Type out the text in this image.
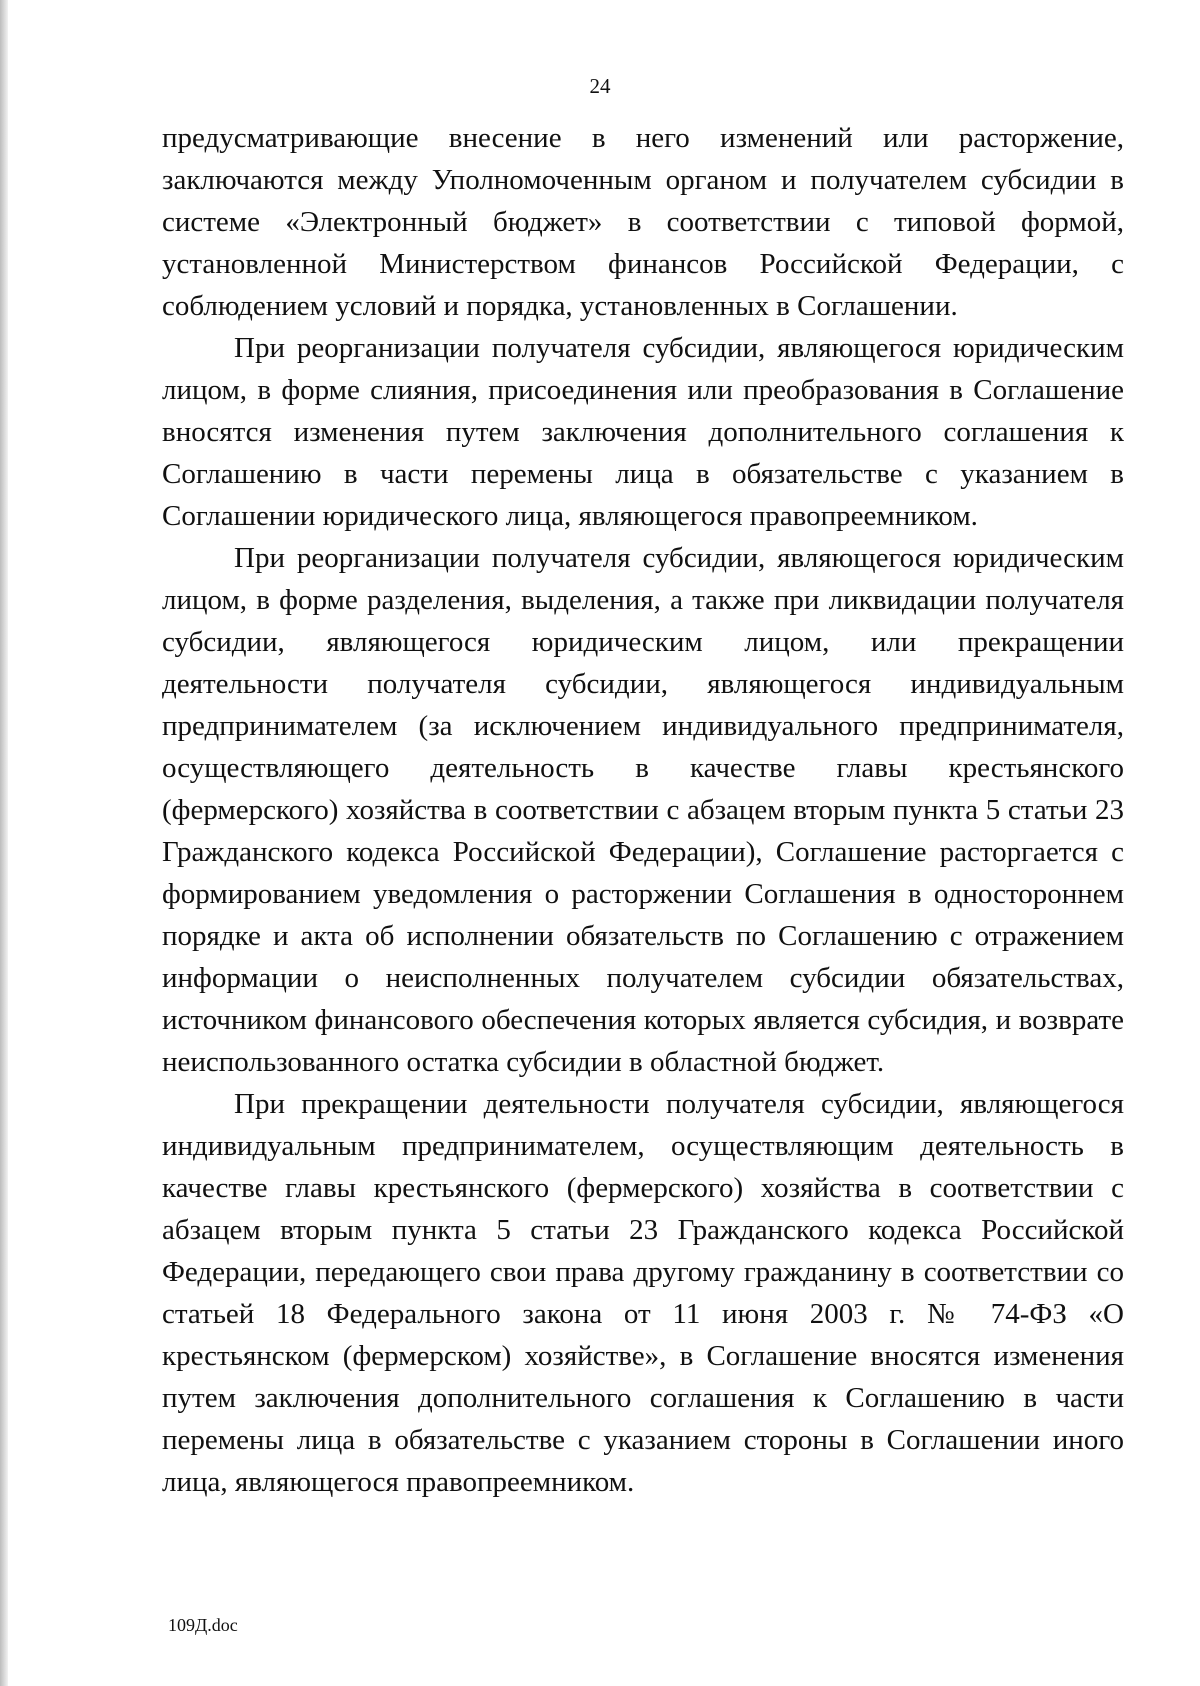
24

предусматривающие внесение в него изменений или расторжение, заключаются между Уполномоченным органом и получателем субсидии в системе «Электронный бюджет» в соответствии с типовой формой, установленной Министерством финансов Российской Федерации, с соблюдением условий и порядка, установленных в Соглашении.

При реорганизации получателя субсидии, являющегося юридическим лицом, в форме слияния, присоединения или преобразования в Соглашение вносятся изменения путем заключения дополнительного соглашения к Соглашению в части перемены лица в обязательстве с указанием в Соглашении юридического лица, являющегося правопреемником.

При реорганизации получателя субсидии, являющегося юридическим лицом, в форме разделения, выделения, а также при ликвидации получателя субсидии, являющегося юридическим лицом, или прекращении деятельности получателя субсидии, являющегося индивидуальным предпринимателем (за исключением индивидуального предпринимателя, осуществляющего деятельность в качестве главы крестьянского (фермерского) хозяйства в соответствии с абзацем вторым пункта 5 статьи 23 Гражданского кодекса Российской Федерации), Соглашение расторгается с формированием уведомления о расторжении Соглашения в одностороннем порядке и акта об исполнении обязательств по Соглашению с отражением информации о неисполненных получателем субсидии обязательствах, источником финансового обеспечения которых является субсидия, и возврате неиспользованного остатка субсидии в областной бюджет.

При прекращении деятельности получателя субсидии, являющегося индивидуальным предпринимателем, осуществляющим деятельность в качестве главы крестьянского (фермерского) хозяйства в соответствии с абзацем вторым пункта 5 статьи 23 Гражданского кодекса Российской Федерации, передающего свои права другому гражданину в соответствии со статьей 18 Федерального закона от 11 июня 2003 г. № 74-ФЗ «О крестьянском (фермерском) хозяйстве», в Соглашение вносятся изменения путем заключения дополнительного соглашения к Соглашению в части перемены лица в обязательстве с указанием стороны в Соглашении иного лица, являющегося правопреемником.

109Д.doc
